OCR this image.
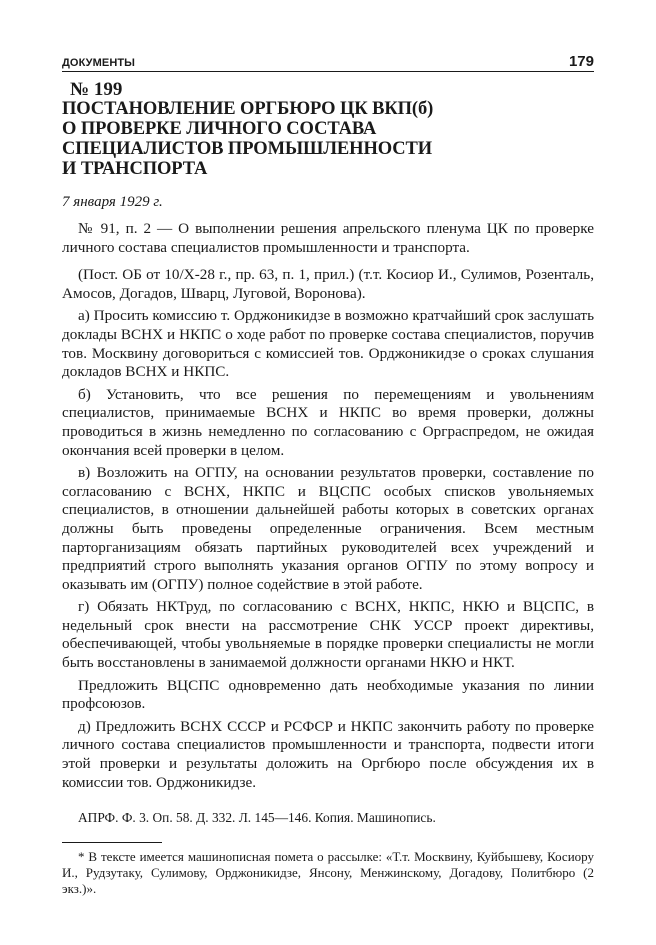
ДОКУМЕНТЫ	179
№ 199
ПОСТАНОВЛЕНИЕ ОРГБЮРО ЦК ВКП(б)
О ПРОВЕРКЕ ЛИЧНОГО СОСТАВА
СПЕЦИАЛИСТОВ ПРОМЫШЛЕННОСТИ
И ТРАНСПОРТА
7 января 1929 г.

№ 91, п. 2 — О выполнении решения апрельского пленума ЦК по проверке личного состава специалистов промышленности и транспорта.

(Пост. ОБ от 10/X-28 г., пр. 63, п. 1, прил.) (т.т. Косиор И., Сулимов, Розенталь, Амосов, Догадов, Шварц, Луговой, Воронова).

а) Просить комиссию т. Орджоникидзе в возможно кратчайший срок заслушать доклады ВСНХ и НКПС о ходе работ по проверке состава специалистов, поручив тов. Москвину договориться с комиссией тов. Орджоникидзе о сроках слушания докладов ВСНХ и НКПС.

б) Установить, что все решения по перемещениям и увольнениям специалистов, принимаемые ВСНХ и НКПС во время проверки, должны проводиться в жизнь немедленно по согласованию с Орграспредом, не ожидая окончания всей проверки в целом.

в) Возложить на ОГПУ, на основании результатов проверки, составление по согласованию с ВСНХ, НКПС и ВЦСПС особых списков увольняемых специалистов, в отношении дальнейшей работы которых в советских органах должны быть проведены определенные ограничения. Всем местным парторганизациям обязать партийных руководителей всех учреждений и предприятий строго выполнять указания органов ОГПУ по этому вопросу и оказывать им (ОГПУ) полное содействие в этой работе.

г) Обязать НКТруд, по согласованию с ВСНХ, НКПС, НКЮ и ВЦСПС, в недельный срок внести на рассмотрение СНК УССР проект директивы, обеспечивающей, чтобы увольняемые в порядке проверки специалисты не могли быть восстановлены в занимаемой должности органами НКЮ и НКТ.

Предложить ВЦСПС одновременно дать необходимые указания по линии профсоюзов.

д) Предложить ВСНХ СССР и РСФСР и НКПС закончить работу по проверке личного состава специалистов промышленности и транспорта, подвести итоги этой проверки и результаты доложить на Оргбюро после обсуждения их в комиссии тов. Орджоникидзе.

АПРФ. Ф. 3. Оп. 58. Д. 332. Л. 145—146. Копия. Машинопись.
* В тексте имеется машинописная помета о рассылке: «Т.т. Москвину, Куйбышеву, Косиору И., Рудзутаку, Сулимову, Орджоникидзе, Янсону, Менжинскому, Догадову, Политбюро (2 экз.)».
